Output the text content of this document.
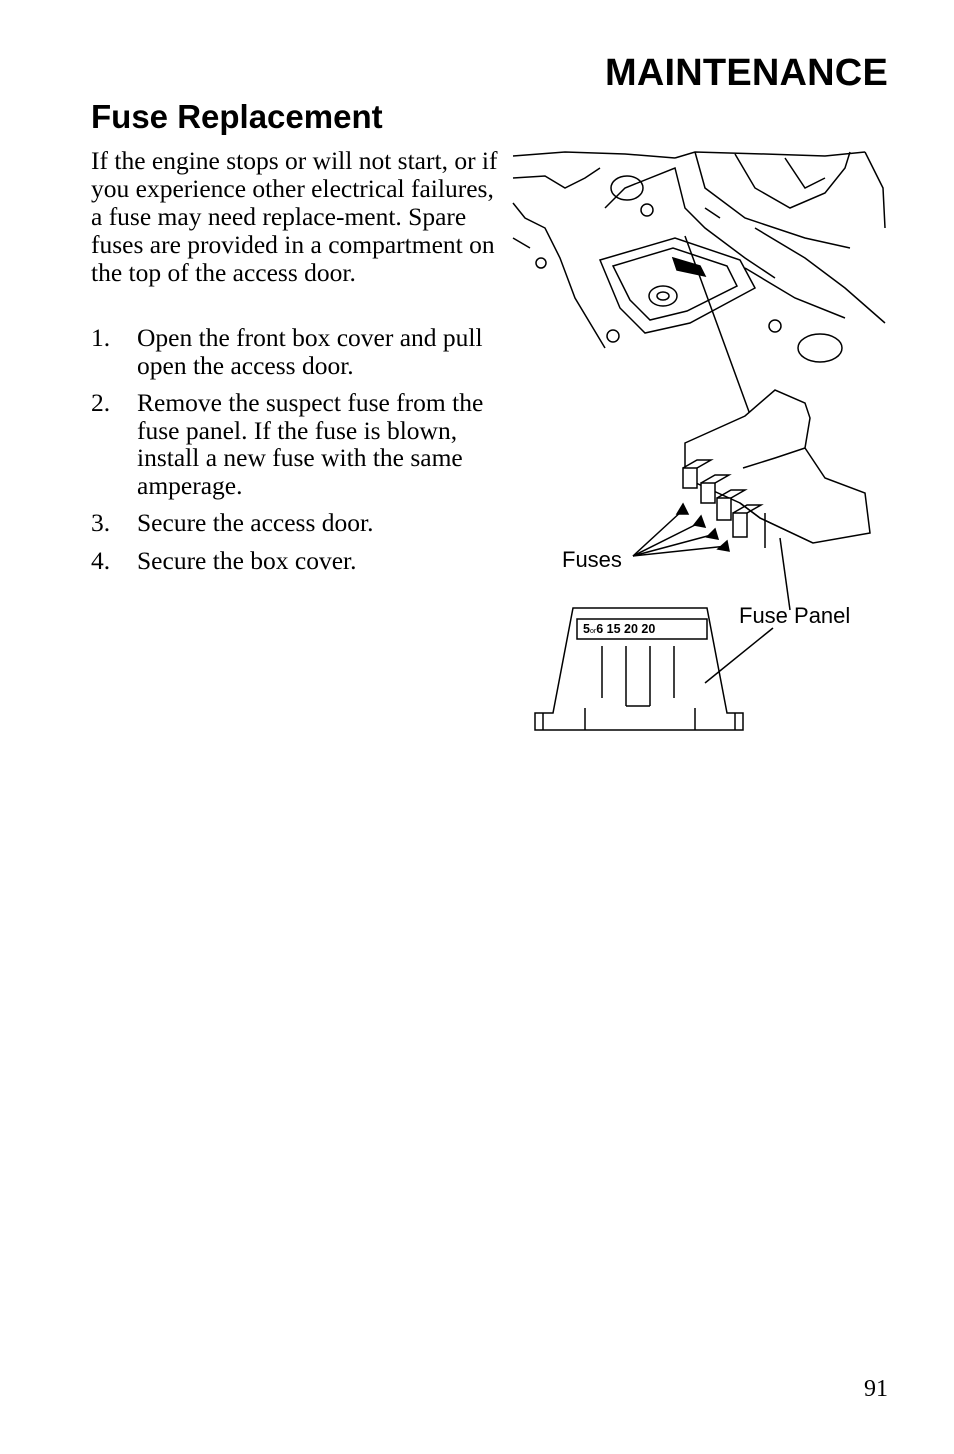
MAINTENANCE
Fuse Replacement

If the engine stops or will not start, or if you experience other electrical failures, a fuse may need replace-ment. Spare fuses are provided in a compartment on the top of the access door.

1. Open the front box cover and pull open the access door.
2. Remove the suspect fuse from the fuse panel. If the fuse is blown, install a new fuse with the same amperage.
3. Secure the access door.
4. Secure the box cover.	Fuses
Fuse Panel
5or6 15 20 20
91
